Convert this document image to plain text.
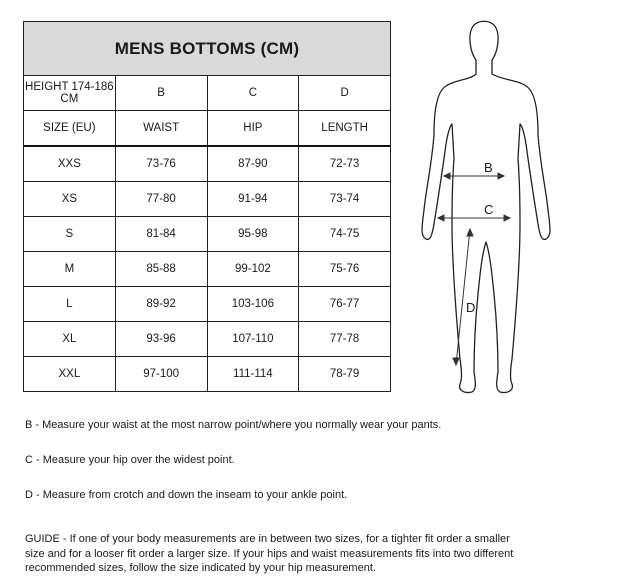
MENS BOTTOMS (CM)			
HEIGHT 174-186 CM	B	C	D
SIZE (EU)	WAIST	HIP	LENGTH
XXS	73-76	87-90	72-73
XS	77-80	91-94	73-74
S	81-84	95-98	74-75
M	85-88	99-102	75-76
L	89-92	103-106	76-77
XL	93-96	107-110	77-78
XXL	97-100	111-114	78-79
B
C
D
B - Measure your waist at the most narrow point/where you normally wear your pants.
C - Measure your hip over the widest point.
D - Measure from crotch and down the inseam to your ankle point.
GUIDE - If one of your body measurements are in between two sizes, for a tighter fit order a smaller
size and for a looser fit order a larger size. If your hips and waist measurements fits into two different
recommended sizes, follow the size indicated by your hip measurement.
